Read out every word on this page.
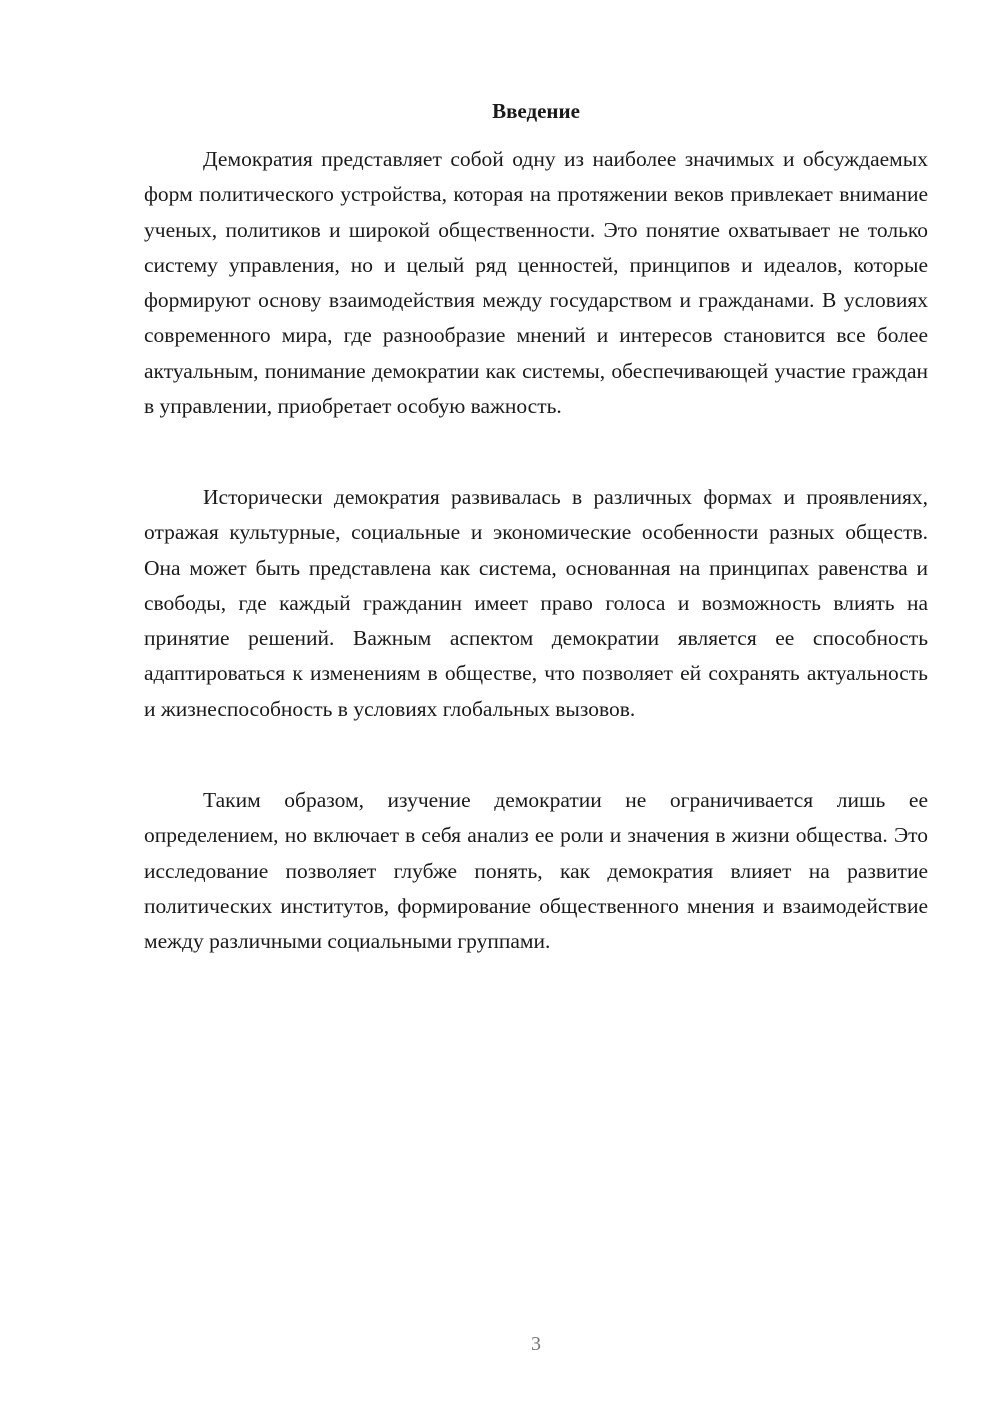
Введение

Демократия представляет собой одну из наиболее значимых и обсуждаемых форм политического устройства, которая на протяжении веков привлекает внимание ученых, политиков и широкой общественности. Это понятие охватывает не только систему управления, но и целый ряд ценностей, принципов и идеалов, которые формируют основу взаимодействия между государством и гражданами. В условиях современного мира, где разнообразие мнений и интересов становится все более актуальным, понимание демократии как системы, обеспечивающей участие граждан в управлении, приобретает особую важность.

Исторически демократия развивалась в различных формах и проявлениях, отражая культурные, социальные и экономические особенности разных обществ. Она может быть представлена как система, основанная на принципах равенства и свободы, где каждый гражданин имеет право голоса и возможность влиять на принятие решений. Важным аспектом демократии является ее способность адаптироваться к изменениям в обществе, что позволяет ей сохранять актуальность и жизнеспособность в условиях глобальных вызовов.

Таким образом, изучение демократии не ограничивается лишь ее определением, но включает в себя анализ ее роли и значения в жизни общества. Это исследование позволяет глубже понять, как демократия влияет на развитие политических институтов, формирование общественного мнения и взаимодействие между различными социальными группами.

3
